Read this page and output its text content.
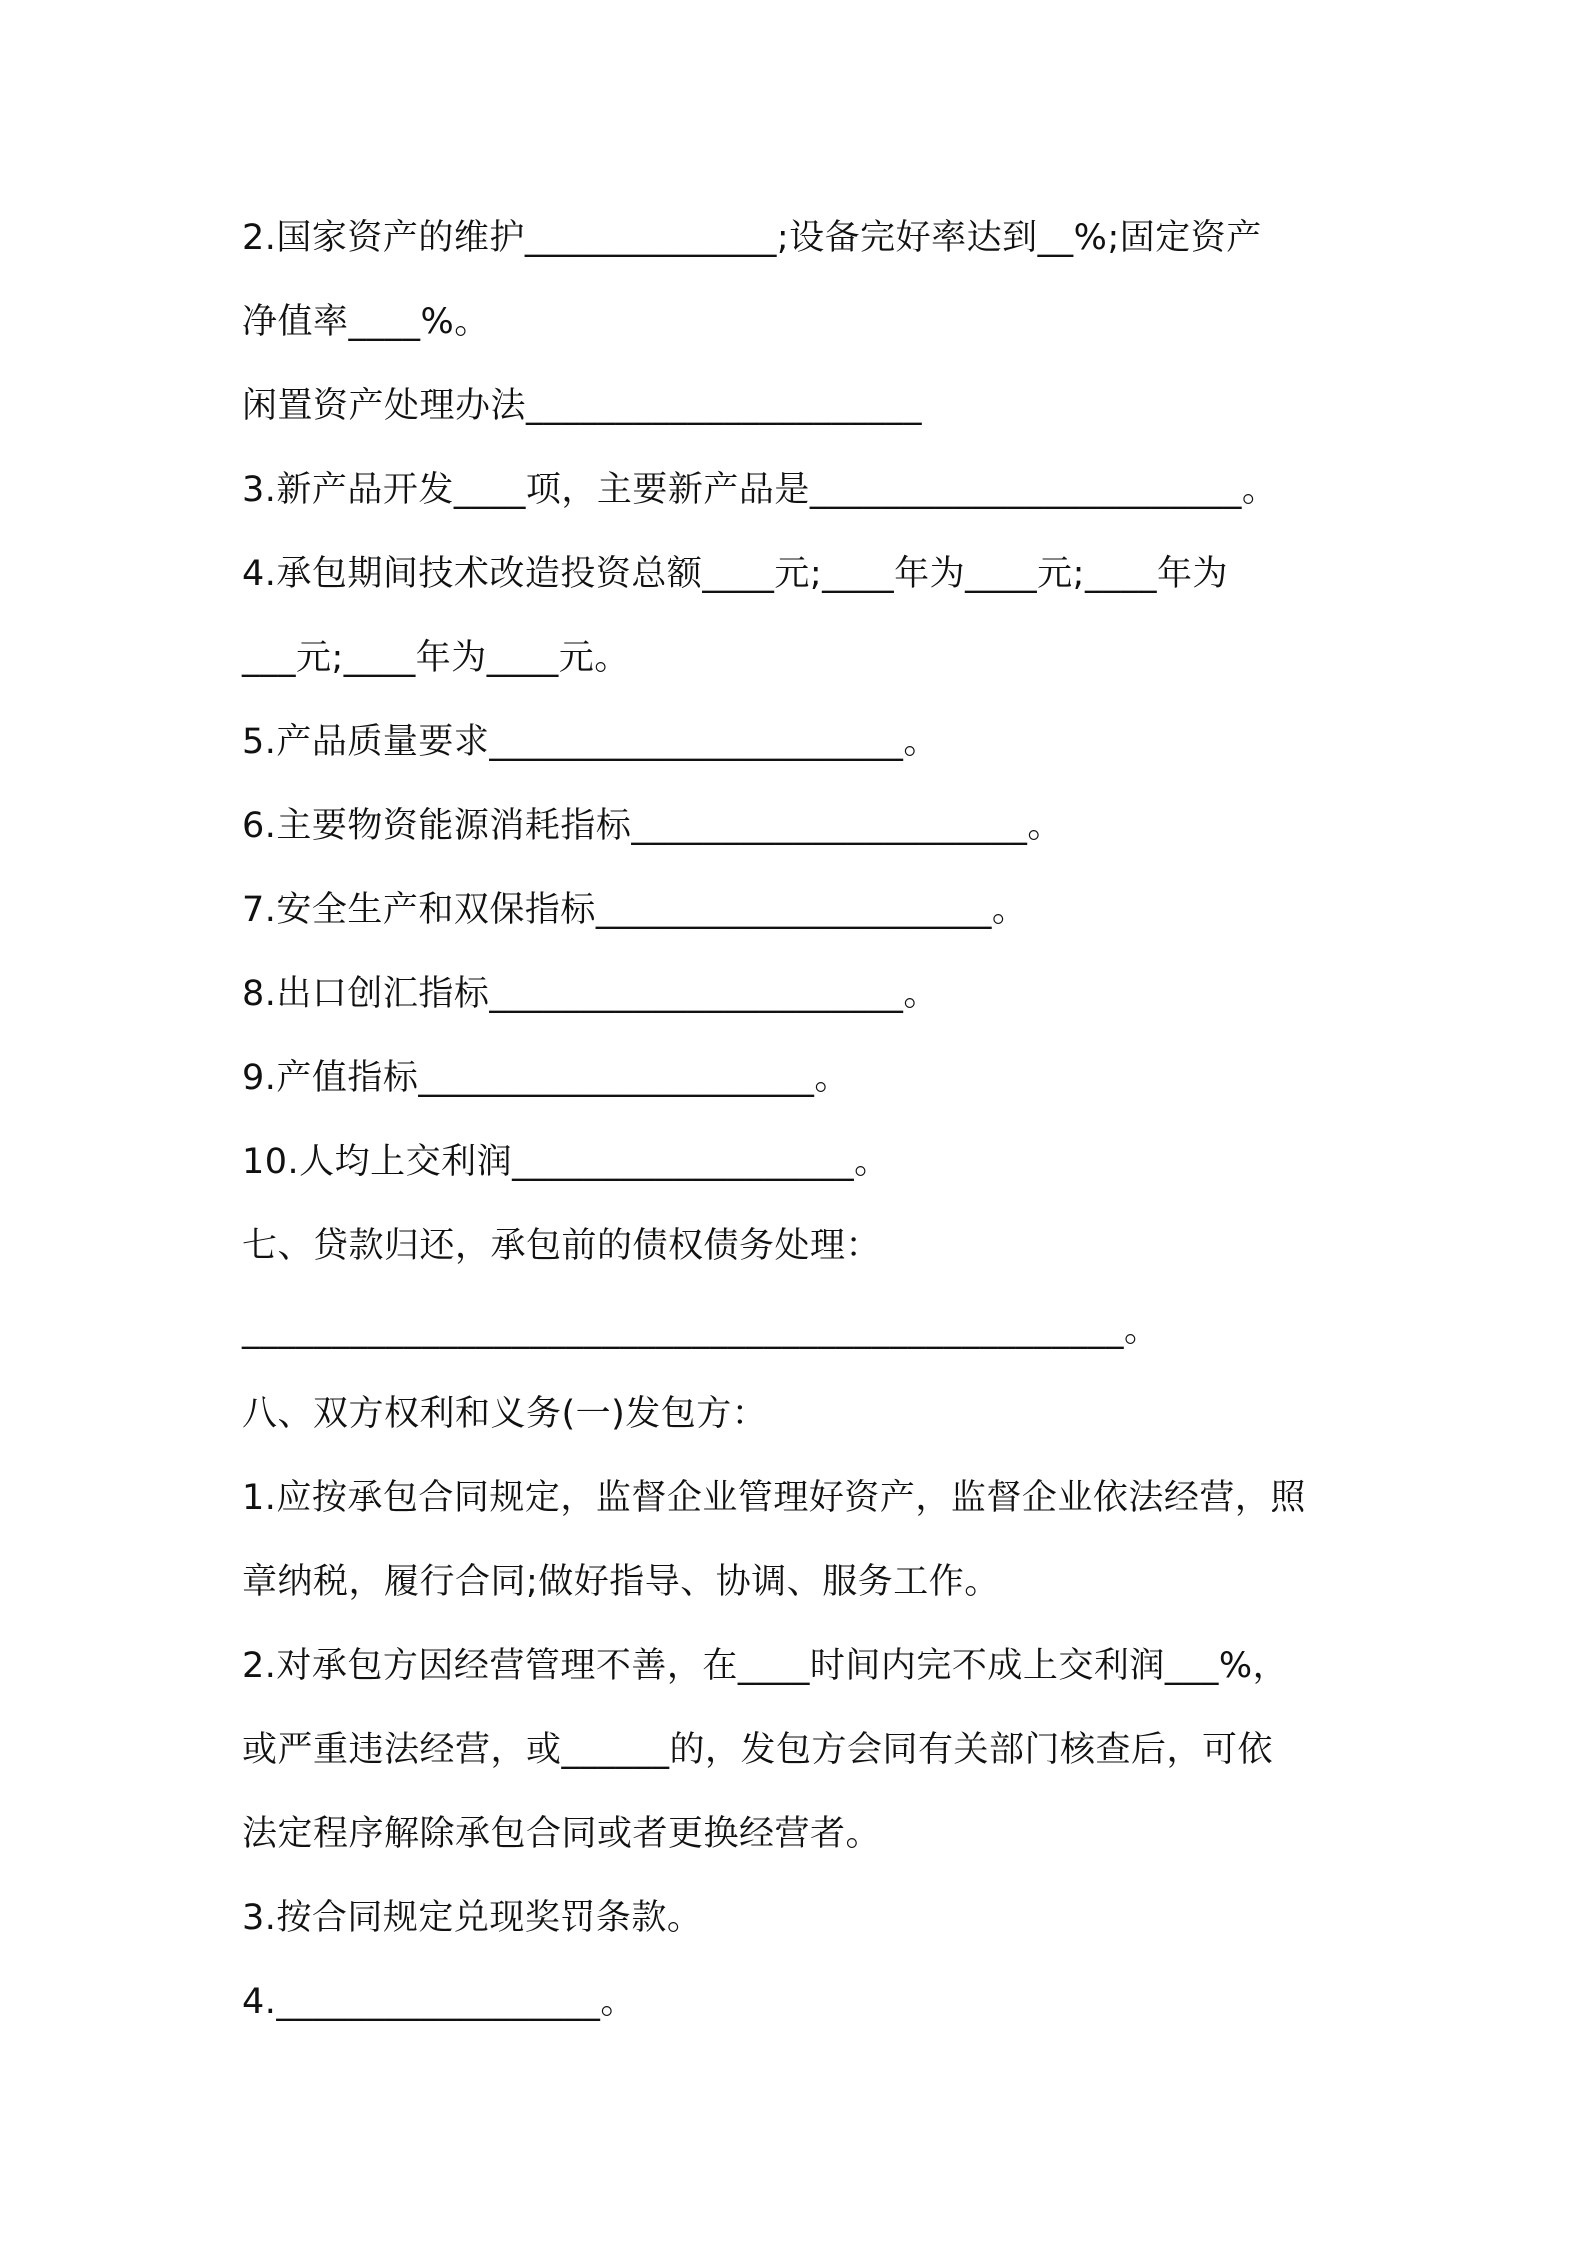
2.国家资产的维护______________;设备完好率达到__%;固定资产
净值率____%。
闲置资产处理办法______________________
3.新产品开发____项，主要新产品是________________________。
4.承包期间技术改造投资总额____元;____年为____元;____年为
___元;____年为____元。
5.产品质量要求_______________________。
6.主要物资能源消耗指标______________________。
7.安全生产和双保指标______________________。
8.出口创汇指标_______________________。
9.产值指标______________________。
10.人均上交利润___________________。
七、贷款归还，承包前的债权债务处理：
_________________________________________________。
八、双方权利和义务(一)发包方：
1.应按承包合同规定，监督企业管理好资产，监督企业依法经营，照
章纳税，履行合同;做好指导、协调、服务工作。
2.对承包方因经营管理不善，在____时间内完不成上交利润___%，
或严重违法经营，或______的，发包方会同有关部门核查后，可依
法定程序解除承包合同或者更换经营者。
3.按合同规定兑现奖罚条款。
4.__________________。
